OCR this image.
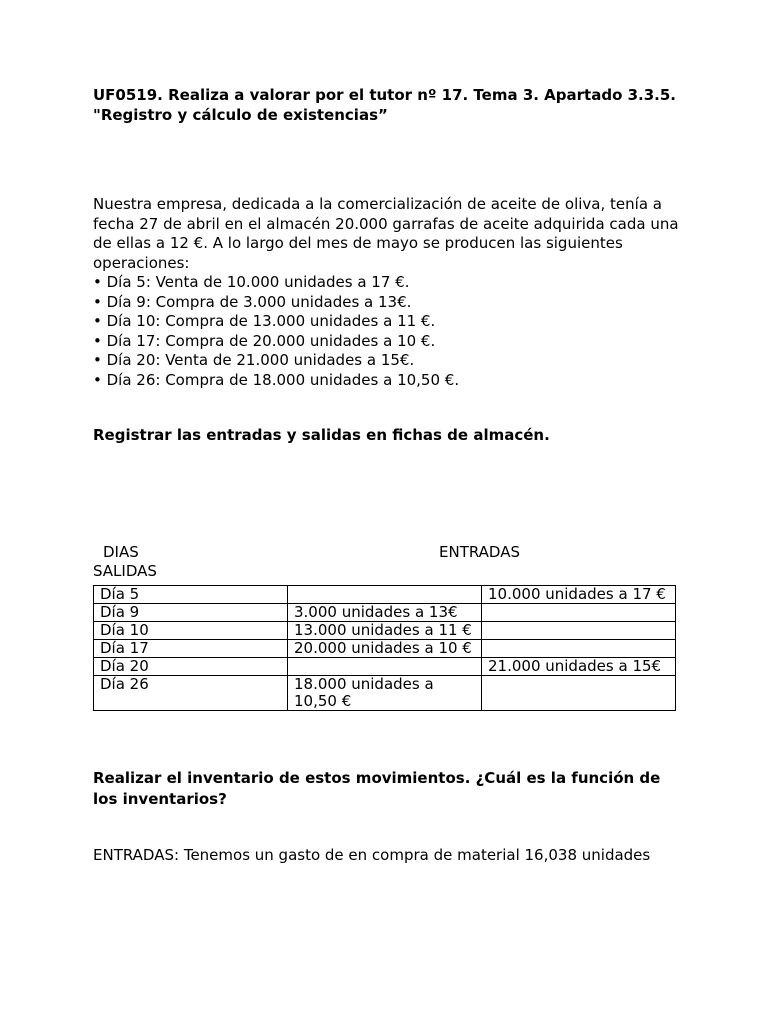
UF0519. Realiza a valorar por el tutor nº 17. Tema 3. Apartado 3.3.5. "Registro y cálculo de existencias”

Nuestra empresa, dedicada a la comercialización de aceite de oliva, tenía a fecha 27 de abril en el almacén 20.000 garrafas de aceite adquirida cada una de ellas a 12 €. A lo largo del mes de mayo se producen las siguientes operaciones:

• Día 5: Venta de 10.000 unidades a 17 €.
• Día 9: Compra de 3.000 unidades a 13€.
• Día 10: Compra de 13.000 unidades a 11 €.
• Día 17: Compra de 20.000 unidades a 10 €.
• Día 20: Venta de 21.000 unidades a 15€.
• Día 26: Compra de 18.000 unidades a 10,50 €.
Registrar las entradas y salidas en fichas de almacén.
DIAS	ENTRADAS
SALIDAS
Día 5		10.000 unidades a 17 €
Día 9	3.000 unidades a 13€	
Día 10	13.000 unidades a 11 €	
Día 17	20.000 unidades a 10 €	
Día 20		21.000 unidades a 15€
Día 26	18.000 unidades a 10,50 €	
Realizar el inventario de estos movimientos. ¿Cuál es la función de los inventarios?
ENTRADAS: Tenemos un gasto de en compra de material 16,038 unidades
